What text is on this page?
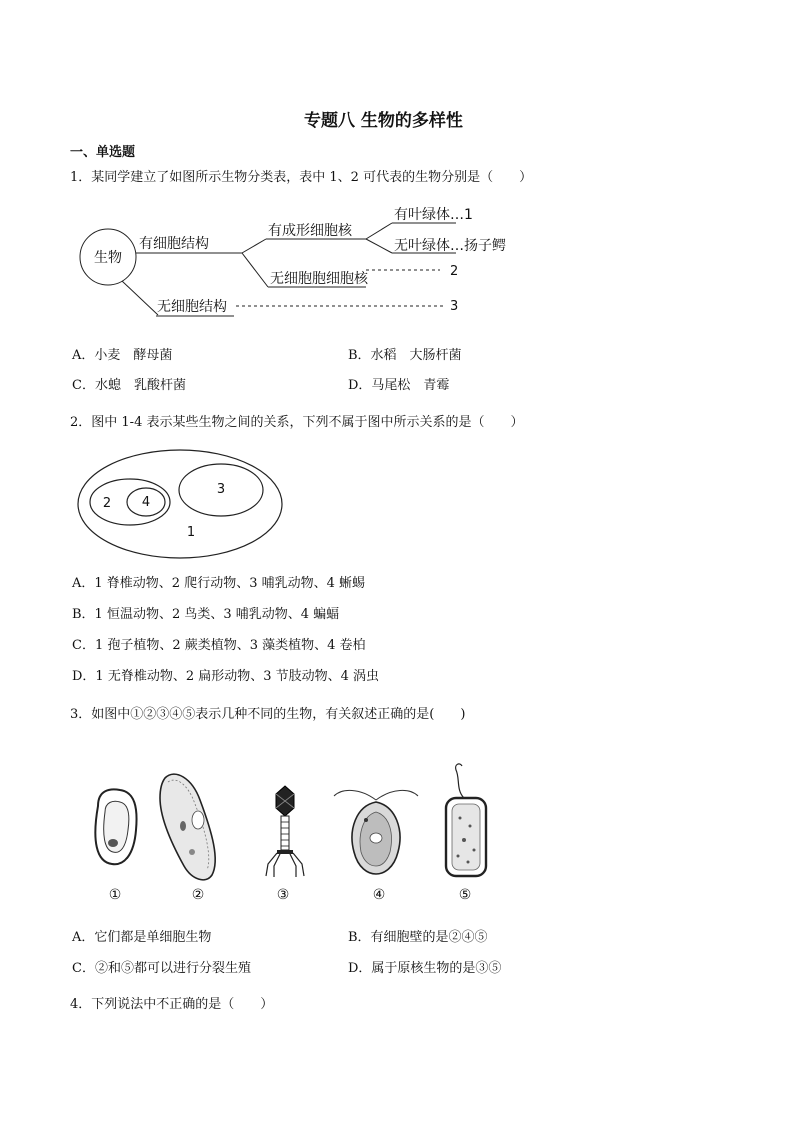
专题八 生物的多样性
一、单选题
1．某同学建立了如图所示生物分类表，表中 1、2 可代表的生物分别是（　　）
生物
有细胞结构
无细胞结构	3
有成形细胞核
无细胞胞细胞核	2
有叶绿体…1
无叶绿体…扬子鳄
A．小麦　酵母菌	B．水稻　大肠杆菌
C．水螅　乳酸杆菌	D．马尾松　青霉
2．图中 1-4 表示某些生物之间的关系，下列不属于图中所示关系的是（　　）
3
2 4
1
A．1 脊椎动物、2 爬行动物、3 哺乳动物、4 蜥蜴
B．1 恒温动物、2 鸟类、3 哺乳动物、4 蝙蝠
C．1 孢子植物、2 蕨类植物、3 藻类植物、4 卷柏
D．1 无脊椎动物、2 扁形动物、3 节肢动物、4 涡虫
3．如图中①②③④⑤表示几种不同的生物，有关叙述正确的是(　　)
①	②	③	④	⑤
A．它们都是单细胞生物	B．有细胞壁的是②④⑤
C．②和⑤都可以进行分裂生殖	D．属于原核生物的是③⑤
4．下列说法中不正确的是（　　）
